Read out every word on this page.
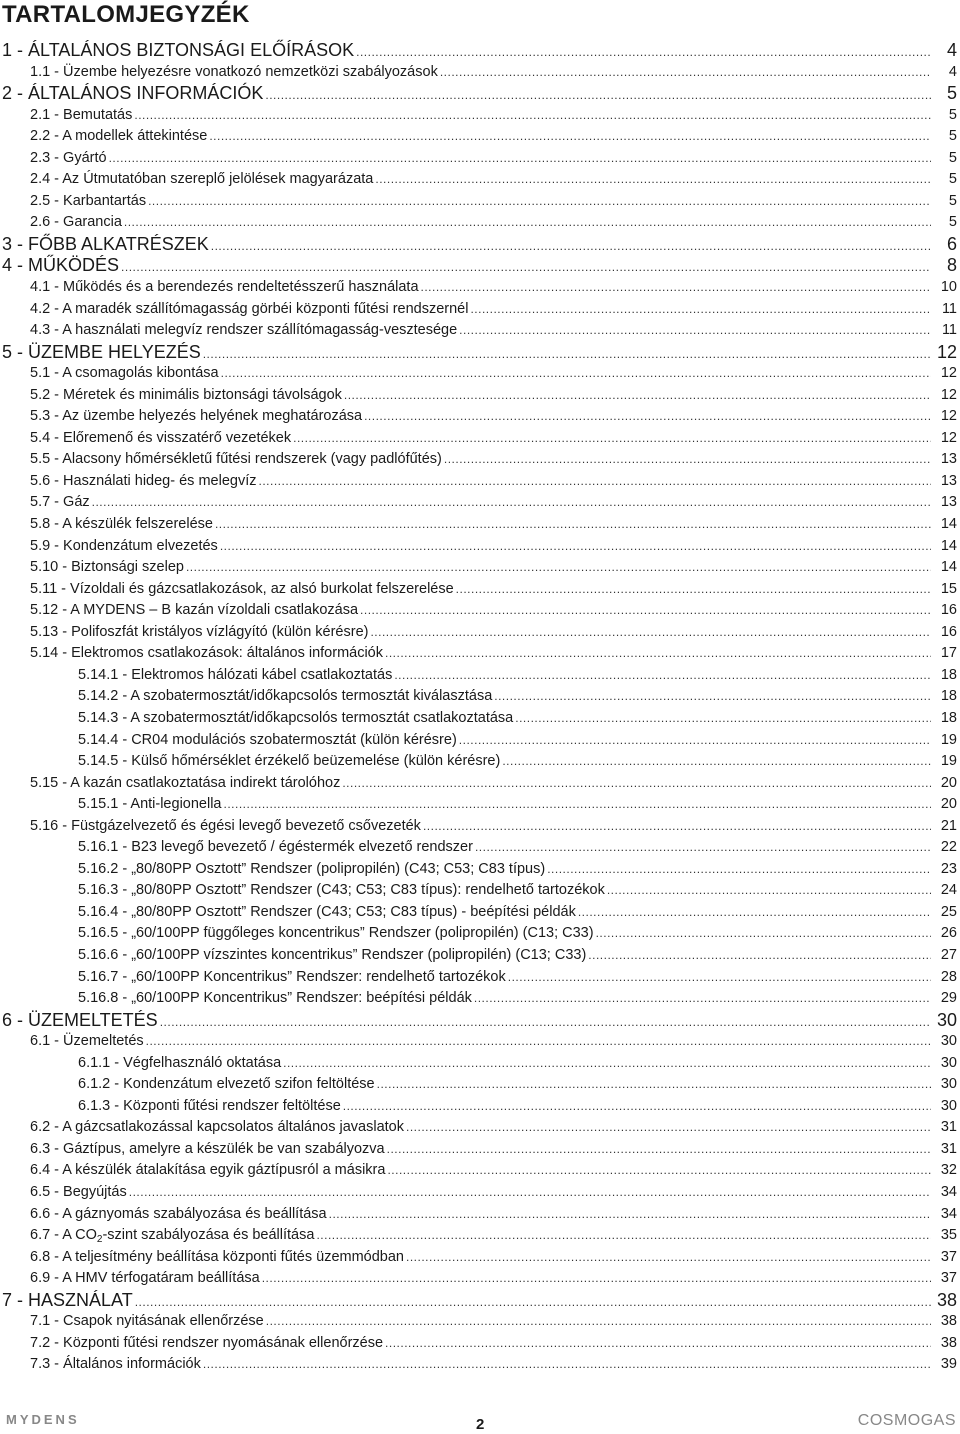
TARTALOMJEGYZÉK
1 - ÁLTALÁNOS BIZTONSÁGI ELŐÍRÁSOK .....	4
1.1 - Üzembe helyezésre vonatkozó nemzetközi szabályozások .....	4
2 - ÁLTALÁNOS INFORMÁCIÓK .....	5
2.1 - Bemutatás .....	5
2.2 - A modellek áttekintése .....	5
2.3 - Gyártó .....	5
2.4 - Az Útmutatóban szereplő jelölések magyarázata .....	5
2.5 - Karbantartás .....	5
2.6 - Garancia .....	5
3 - FŐBB ALKATRÉSZEK .....	6
4 - MŰKÖDÉS .....	8
4.1 - Működés és a berendezés rendeltetésszerű használata .....	10
4.2 - A maradék szállítómagasság görbéi központi fűtési rendszernél .....	11
4.3 - A használati melegvíz rendszer szállítómagasság-vesztesége .....	11
5 - ÜZEMBE HELYEZÉS .....	12
5.1 - A csomagolás kibontása .....	12
5.2 - Méretek és minimális biztonsági távolságok .....	12
5.3 - Az üzembe helyezés helyének meghatározása .....	12
5.4 - Előremenő és visszatérő vezetékek .....	12
5.5 - Alacsony hőmérsékletű fűtési rendszerek (vagy padlófűtés) .....	13
5.6 - Használati hideg- és melegvíz .....	13
5.7 - Gáz .....	13
5.8 - A készülék felszerelése .....	14
5.9 - Kondenzátum elvezetés .....	14
5.10 - Biztonsági szelep .....	14
5.11 - Vízoldali és gázcsatlakozások, az alsó burkolat felszerelése .....	15
5.12 - A MYDENS – B kazán vízoldali csatlakozása .....	16
5.13 - Polifoszfát kristályos vízlágyító (külön kérésre) .....	16
5.14 - Elektromos csatlakozások: általános információk .....	17
5.14.1 - Elektromos hálózati kábel csatlakoztatás .....	18
5.14.2 - A szobatermosztát/időkapcsolós termosztát kiválasztása .....	18
5.14.3 - A szobatermosztát/időkapcsolós termosztát csatlakoztatása .....	18
5.14.4 - CR04 modulációs szobatermosztát (külön kérésre) .....	19
5.14.5 - Külső hőmérséklet érzékelő beüzemelése (külön kérésre) .....	19
5.15 - A kazán csatlakoztatása indirekt tárolóhoz .....	20
5.15.1 - Anti-legionella .....	20
5.16 - Füstgázelvezető és égési levegő bevezető csővezeték .....	21
5.16.1 - B23 levegő bevezető / égéstermék elvezető rendszer .....	22
5.16.2 - „80/80PP Osztott” Rendszer (polipropilén) (C43; C53; C83 típus) .....	23
5.16.3 - „80/80PP Osztott” Rendszer (C43; C53; C83 típus): rendelhető tartozékok .....	24
5.16.4 - „80/80PP Osztott” Rendszer (C43; C53; C83 típus) - beépítési példák .....	25
5.16.5 - „60/100PP függőleges koncentrikus” Rendszer (polipropilén) (C13; C33) .....	26
5.16.6 - „60/100PP vízszintes koncentrikus” Rendszer (polipropilén) (C13; C33) .....	27
5.16.7 - „60/100PP Koncentrikus” Rendszer: rendelhető tartozékok .....	28
5.16.8 - „60/100PP Koncentrikus” Rendszer: beépítési példák .....	29
6 - ÜZEMELTETÉS .....	30
6.1 - Üzemeltetés .....	30
6.1.1 - Végfelhasználó oktatása .....	30
6.1.2 - Kondenzátum elvezető szifon feltöltése .....	30
6.1.3 - Központi fűtési rendszer feltöltése .....	30
6.2 - A gázcsatlakozással kapcsolatos általános javaslatok .....	31
6.3 - Gáztípus, amelyre a készülék be van szabályozva .....	31
6.4 - A készülék átalakítása egyik gáztípusról a másikra .....	32
6.5 - Begyújtás .....	34
6.6 - A gáznyomás szabályozása és beállítása .....	34
6.7 - A $CO_2$-szint szabályozása és beállítása .....	35
6.8 - A teljesítmény beállítása központi fűtés üzemmódban .....	37
6.9 - A HMV térfogatáram beállítása .....	37
7 - HASZNÁLAT .....	38
7.1 - Csapok nyitásának ellenőrzése .....	38
7.2 - Központi fűtési rendszer nyomásának ellenőrzése .....	38
7.3 - Általános információk .....	39
MYDENS	2	COSMOGAS
